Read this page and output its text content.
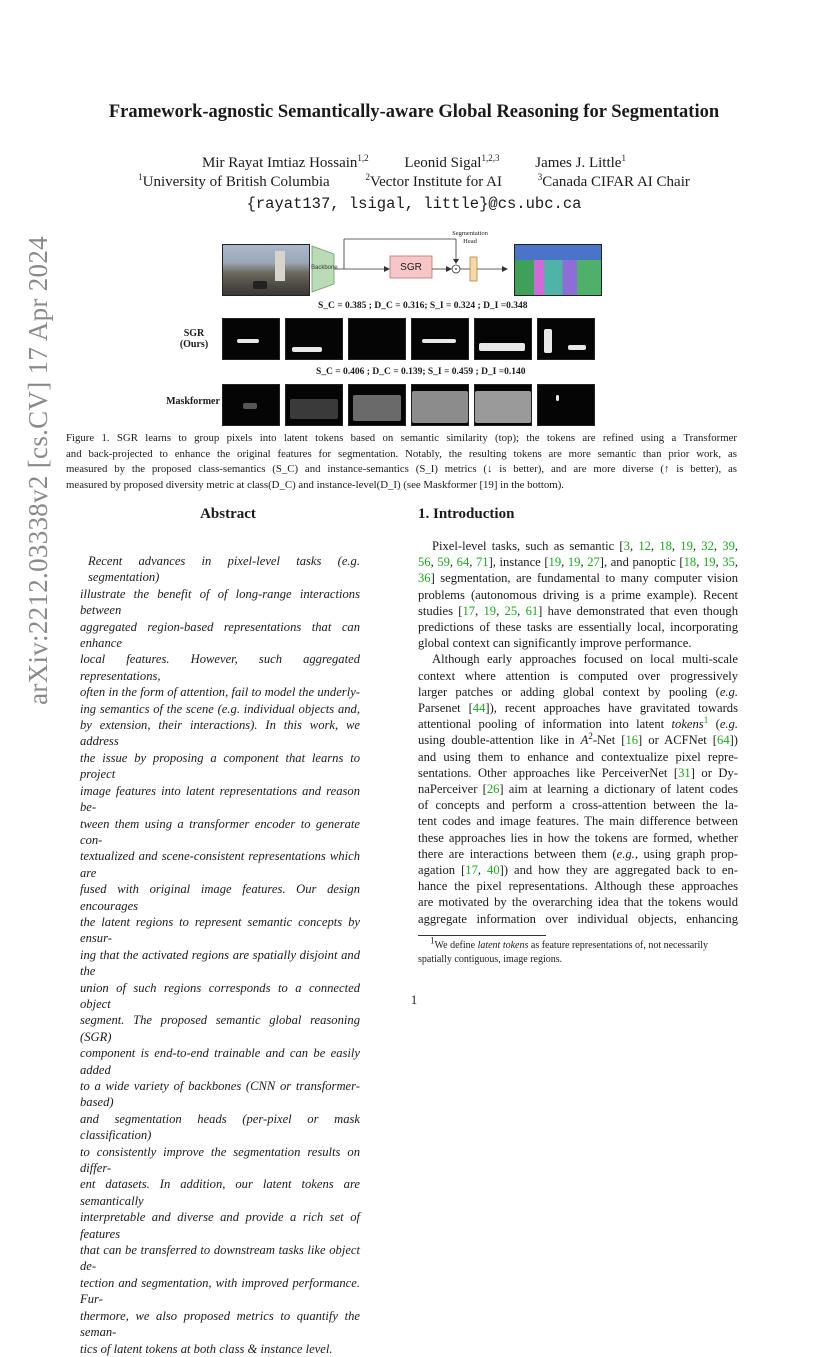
arXiv:2212.03338v2 [cs.CV] 17 Apr 2024
Framework-agnostic Semantically-aware Global Reasoning for Segmentation
Mir Rayat Imtiaz Hossain$^{1,2}$ Leonid Sigal$^{1,2,3}$ James J. Little$^1$
$^1$University of British Columbia	$^2$Vector Institute for AI	$^3$Canada CIFAR AI Chair
{rayat137, lsigal, little}@cs.ubc.ca
Backbone	SGR
Segmentation
Head
S_C = 0.385 ; D_C = 0.316; S_I = 0.324 ; D_I =0.348
S_C = 0.406 ; D_C = 0.139; S_I = 0.459 ; D_I =0.140
SGR
(Ours)
Maskformer
Figure 1. SGR learns to group pixels into latent tokens based on semantic similarity (top); the tokens are refined using a Transformer
and back-projected to enhance the original features for segmentation. Notably, the resulting tokens are more semantic than prior work, as
measured by the proposed class-semantics (S_C) and instance-semantics (S_I) metrics (↓ is better), and are more diverse (↑ is better), as
measured by proposed diversity metric at class(D_C) and instance-level(D_I) (see Maskformer [19] in the bottom).
Abstract
Recent advances in pixel-level tasks (e.g. segmentation)
illustrate the benefit of of long-range interactions between
aggregated region-based representations that can enhance
local features. However, such aggregated representations,
often in the form of attention, fail to model the underly-
ing semantics of the scene (e.g. individual objects and,
by extension, their interactions). In this work, we address
the issue by proposing a component that learns to project
image features into latent representations and reason be-
tween them using a transformer encoder to generate con-
textualized and scene-consistent representations which are
fused with original image features. Our design encourages
the latent regions to represent semantic concepts by ensur-
ing that the activated regions are spatially disjoint and the
union of such regions corresponds to a connected object
segment. The proposed semantic global reasoning (SGR)
component is end-to-end trainable and can be easily added
to a wide variety of backbones (CNN or transformer-based)
and segmentation heads (per-pixel or mask classification)
to consistently improve the segmentation results on differ-
ent datasets. In addition, our latent tokens are semantically
interpretable and diverse and provide a rich set of features
that can be transferred to downstream tasks like object de-
tection and segmentation, with improved performance. Fur-
thermore, we also proposed metrics to quantify the seman-
tics of latent tokens at both class & instance level.
1. Introduction
Pixel-level tasks, such as semantic [3, 12, 18, 19, 32, 39,
56, 59, 64, 71], instance [19, 19, 27], and panoptic [18, 19, 35,
36] segmentation, are fundamental to many computer vision
problems (autonomous driving is a prime example). Recent
studies [17, 19, 25, 61] have demonstrated that even though
predictions of these tasks are essentially local, incorporating
global context can significantly improve performance.
Although early approaches focused on local multi-scale
context where attention is computed over progressively
larger patches or adding global context by pooling (e.g.
Parsenet [44]), recent approaches have gravitated towards
attentional pooling of information into latent tokens$^1$ (e.g.
using double-attention like in $A^2$-Net [16] or ACFNet [64])
and using them to enhance and contextualize pixel repre-
sentations. Other approaches like PerceiverNet [31] or Dy-
naPerceiver [26] aim at learning a dictionary of latent codes
of concepts and perform a cross-attention between the la-
tent codes and image features. The main difference between
these approaches lies in how the tokens are formed, whether
there are interactions between them (e.g., using graph prop-
agation [17, 40]) and how they are aggregated back to en-
hance the pixel representations. Although these approaches
are motivated by the overarching idea that the tokens would
aggregate information over individual objects, enhancing
$^1$We define latent tokens as feature representations of, not necessarily
spatially contiguous, image regions.
1
